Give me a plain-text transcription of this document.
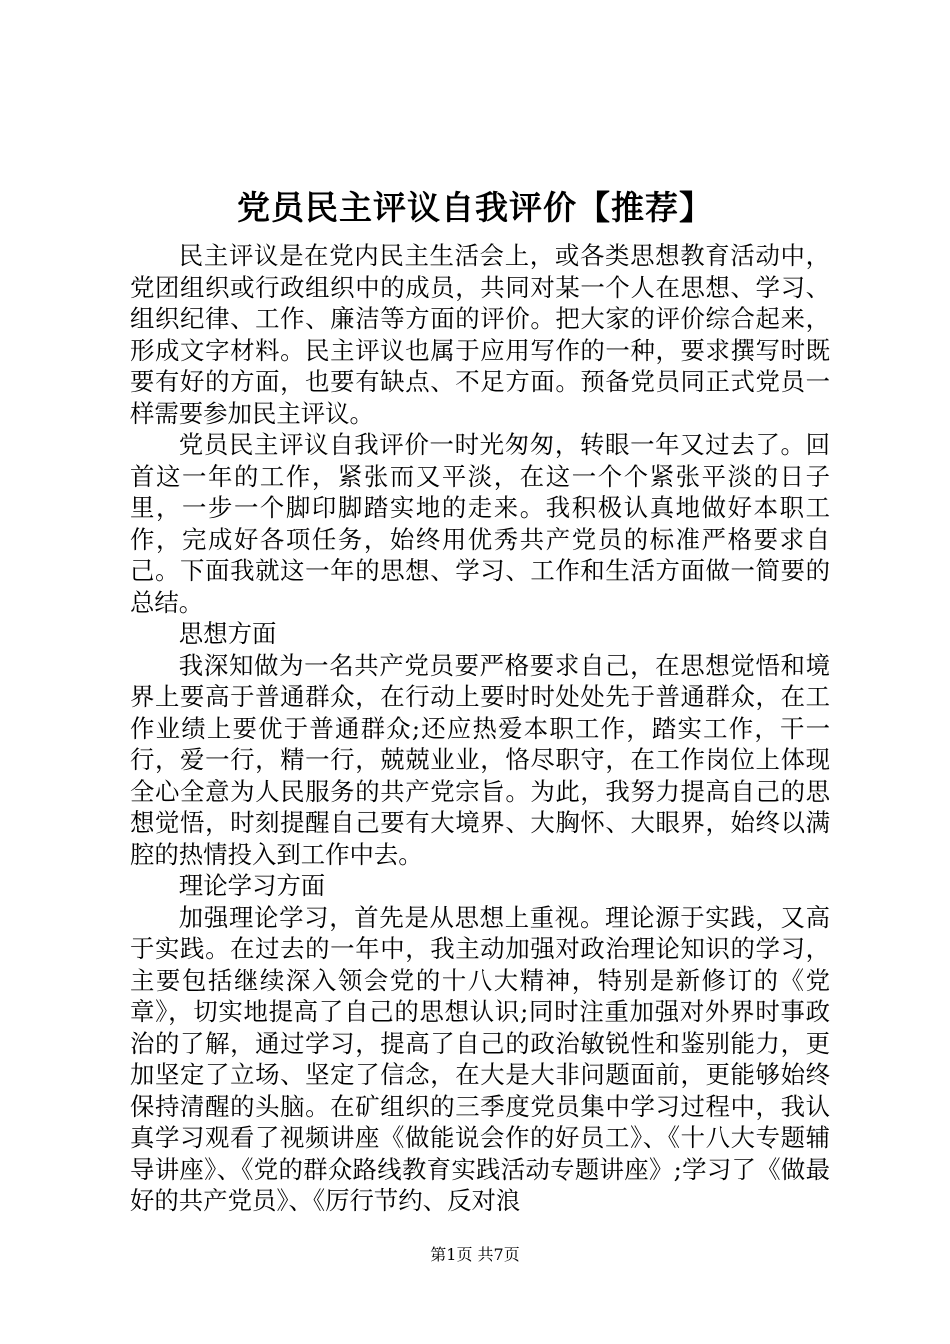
党员民主评议自我评价【推荐】

民主评议是在党内民主生活会上，或各类思想教育活动中，党团组织或行政组织中的成员，共同对某一个人在思想、学习、组织纪律、工作、廉洁等方面的评价。把大家的评价综合起来，形成文字材料。民主评议也属于应用写作的一种，要求撰写时既要有好的方面，也要有缺点、不足方面。预备党员同正式党员一样需要参加民主评议。

党员民主评议自我评价一时光匆匆，转眼一年又过去了。回首这一年的工作，紧张而又平淡，在这一个个紧张平淡的日子里，一步一个脚印脚踏实地的走来。我积极认真地做好本职工作，完成好各项任务，始终用优秀共产党员的标准严格要求自己。下面我就这一年的思想、学习、工作和生活方面做一简要的总结。

思想方面

我深知做为一名共产党员要严格要求自己，在思想觉悟和境界上要高于普通群众，在行动上要时时处处先于普通群众，在工作业绩上要优于普通群众;还应热爱本职工作，踏实工作，干一行，爱一行，精一行，兢兢业业，恪尽职守，在工作岗位上体现全心全意为人民服务的共产党宗旨。为此，我努力提高自己的思想觉悟，时刻提醒自己要有大境界、大胸怀、大眼界，始终以满腔的热情投入到工作中去。

理论学习方面

加强理论学习，首先是从思想上重视。理论源于实践，又高于实践。在过去的一年中，我主动加强对政治理论知识的学习，主要包括继续深入领会党的十八大精神，特别是新修订的《党章》，切实地提高了自己的思想认识;同时注重加强对外界时事政治的了解，通过学习，提高了自己的政治敏锐性和鉴别能力，更加坚定了立场、坚定了信念，在大是大非问题面前，更能够始终保持清醒的头脑。在矿组织的三季度党员集中学习过程中，我认真学习观看了视频讲座《做能说会作的好员工》、《十八大专题辅导讲座》、《党的群众路线教育实践活动专题讲座》;学习了《做最好的共产党员》、《厉行节约、反对浪

第1页 共7页
